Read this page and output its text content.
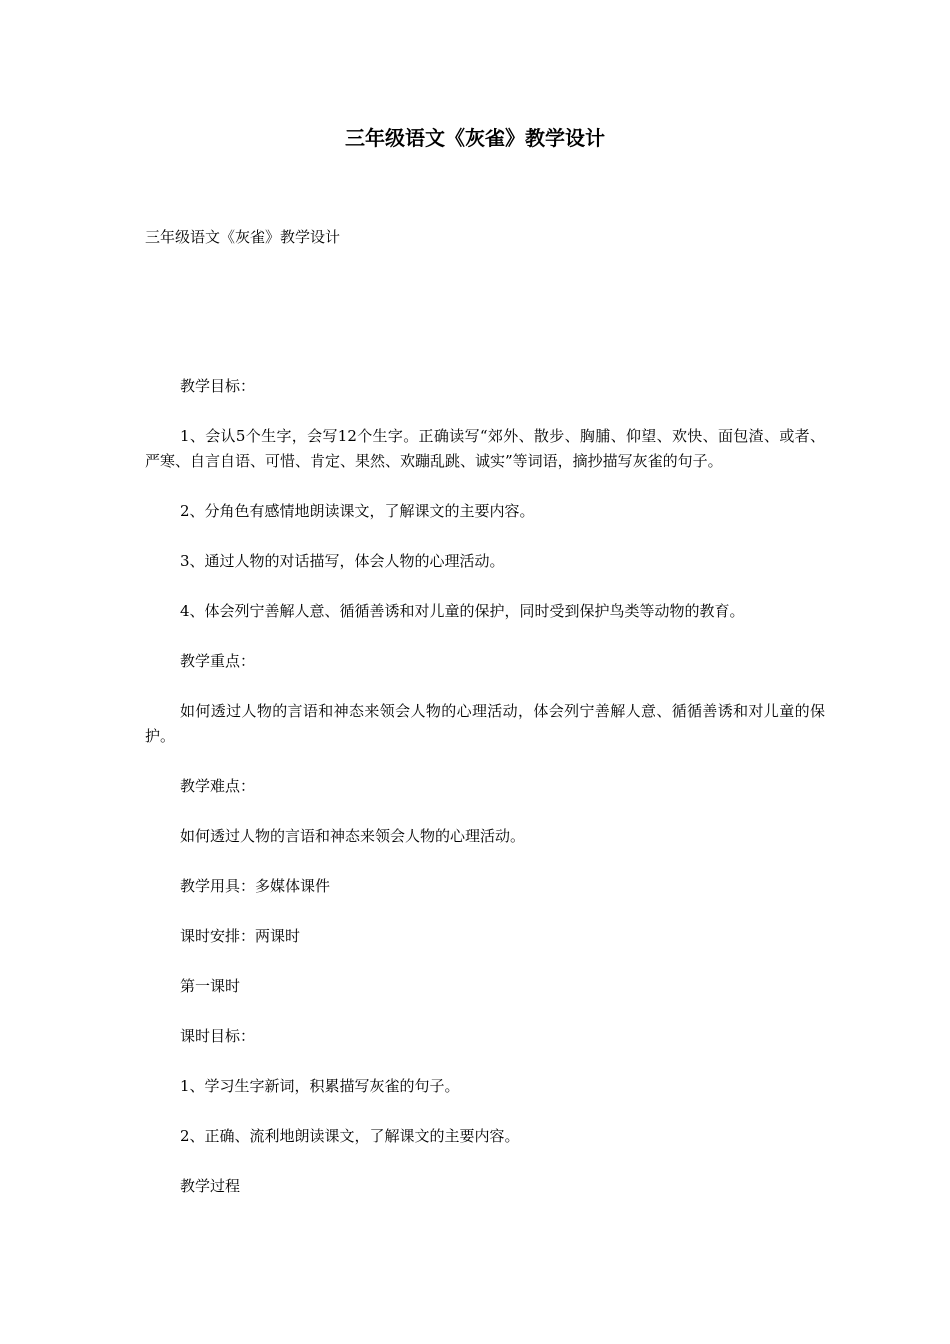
三年级语文《灰雀》教学设计

三年级语文《灰雀》教学设计

教学目标：

1、会认5个生字，会写12个生字。正确读写“郊外、散步、胸脯、仰望、欢快、面包渣、或者、严寒、自言自语、可惜、肯定、果然、欢蹦乱跳、诚实”等词语，摘抄描写灰雀的句子。

2、分角色有感情地朗读课文，了解课文的主要内容。

3、通过人物的对话描写，体会人物的心理活动。

4、体会列宁善解人意、循循善诱和对儿童的保护，同时受到保护鸟类等动物的教育。

教学重点：

如何透过人物的言语和神态来领会人物的心理活动，体会列宁善解人意、循循善诱和对儿童的保护。

教学难点：

如何透过人物的言语和神态来领会人物的心理活动。

教学用具：多媒体课件

课时安排：两课时

第一课时

课时目标：

1、学习生字新词，积累描写灰雀的句子。

2、正确、流利地朗读课文，了解课文的主要内容。

教学过程
